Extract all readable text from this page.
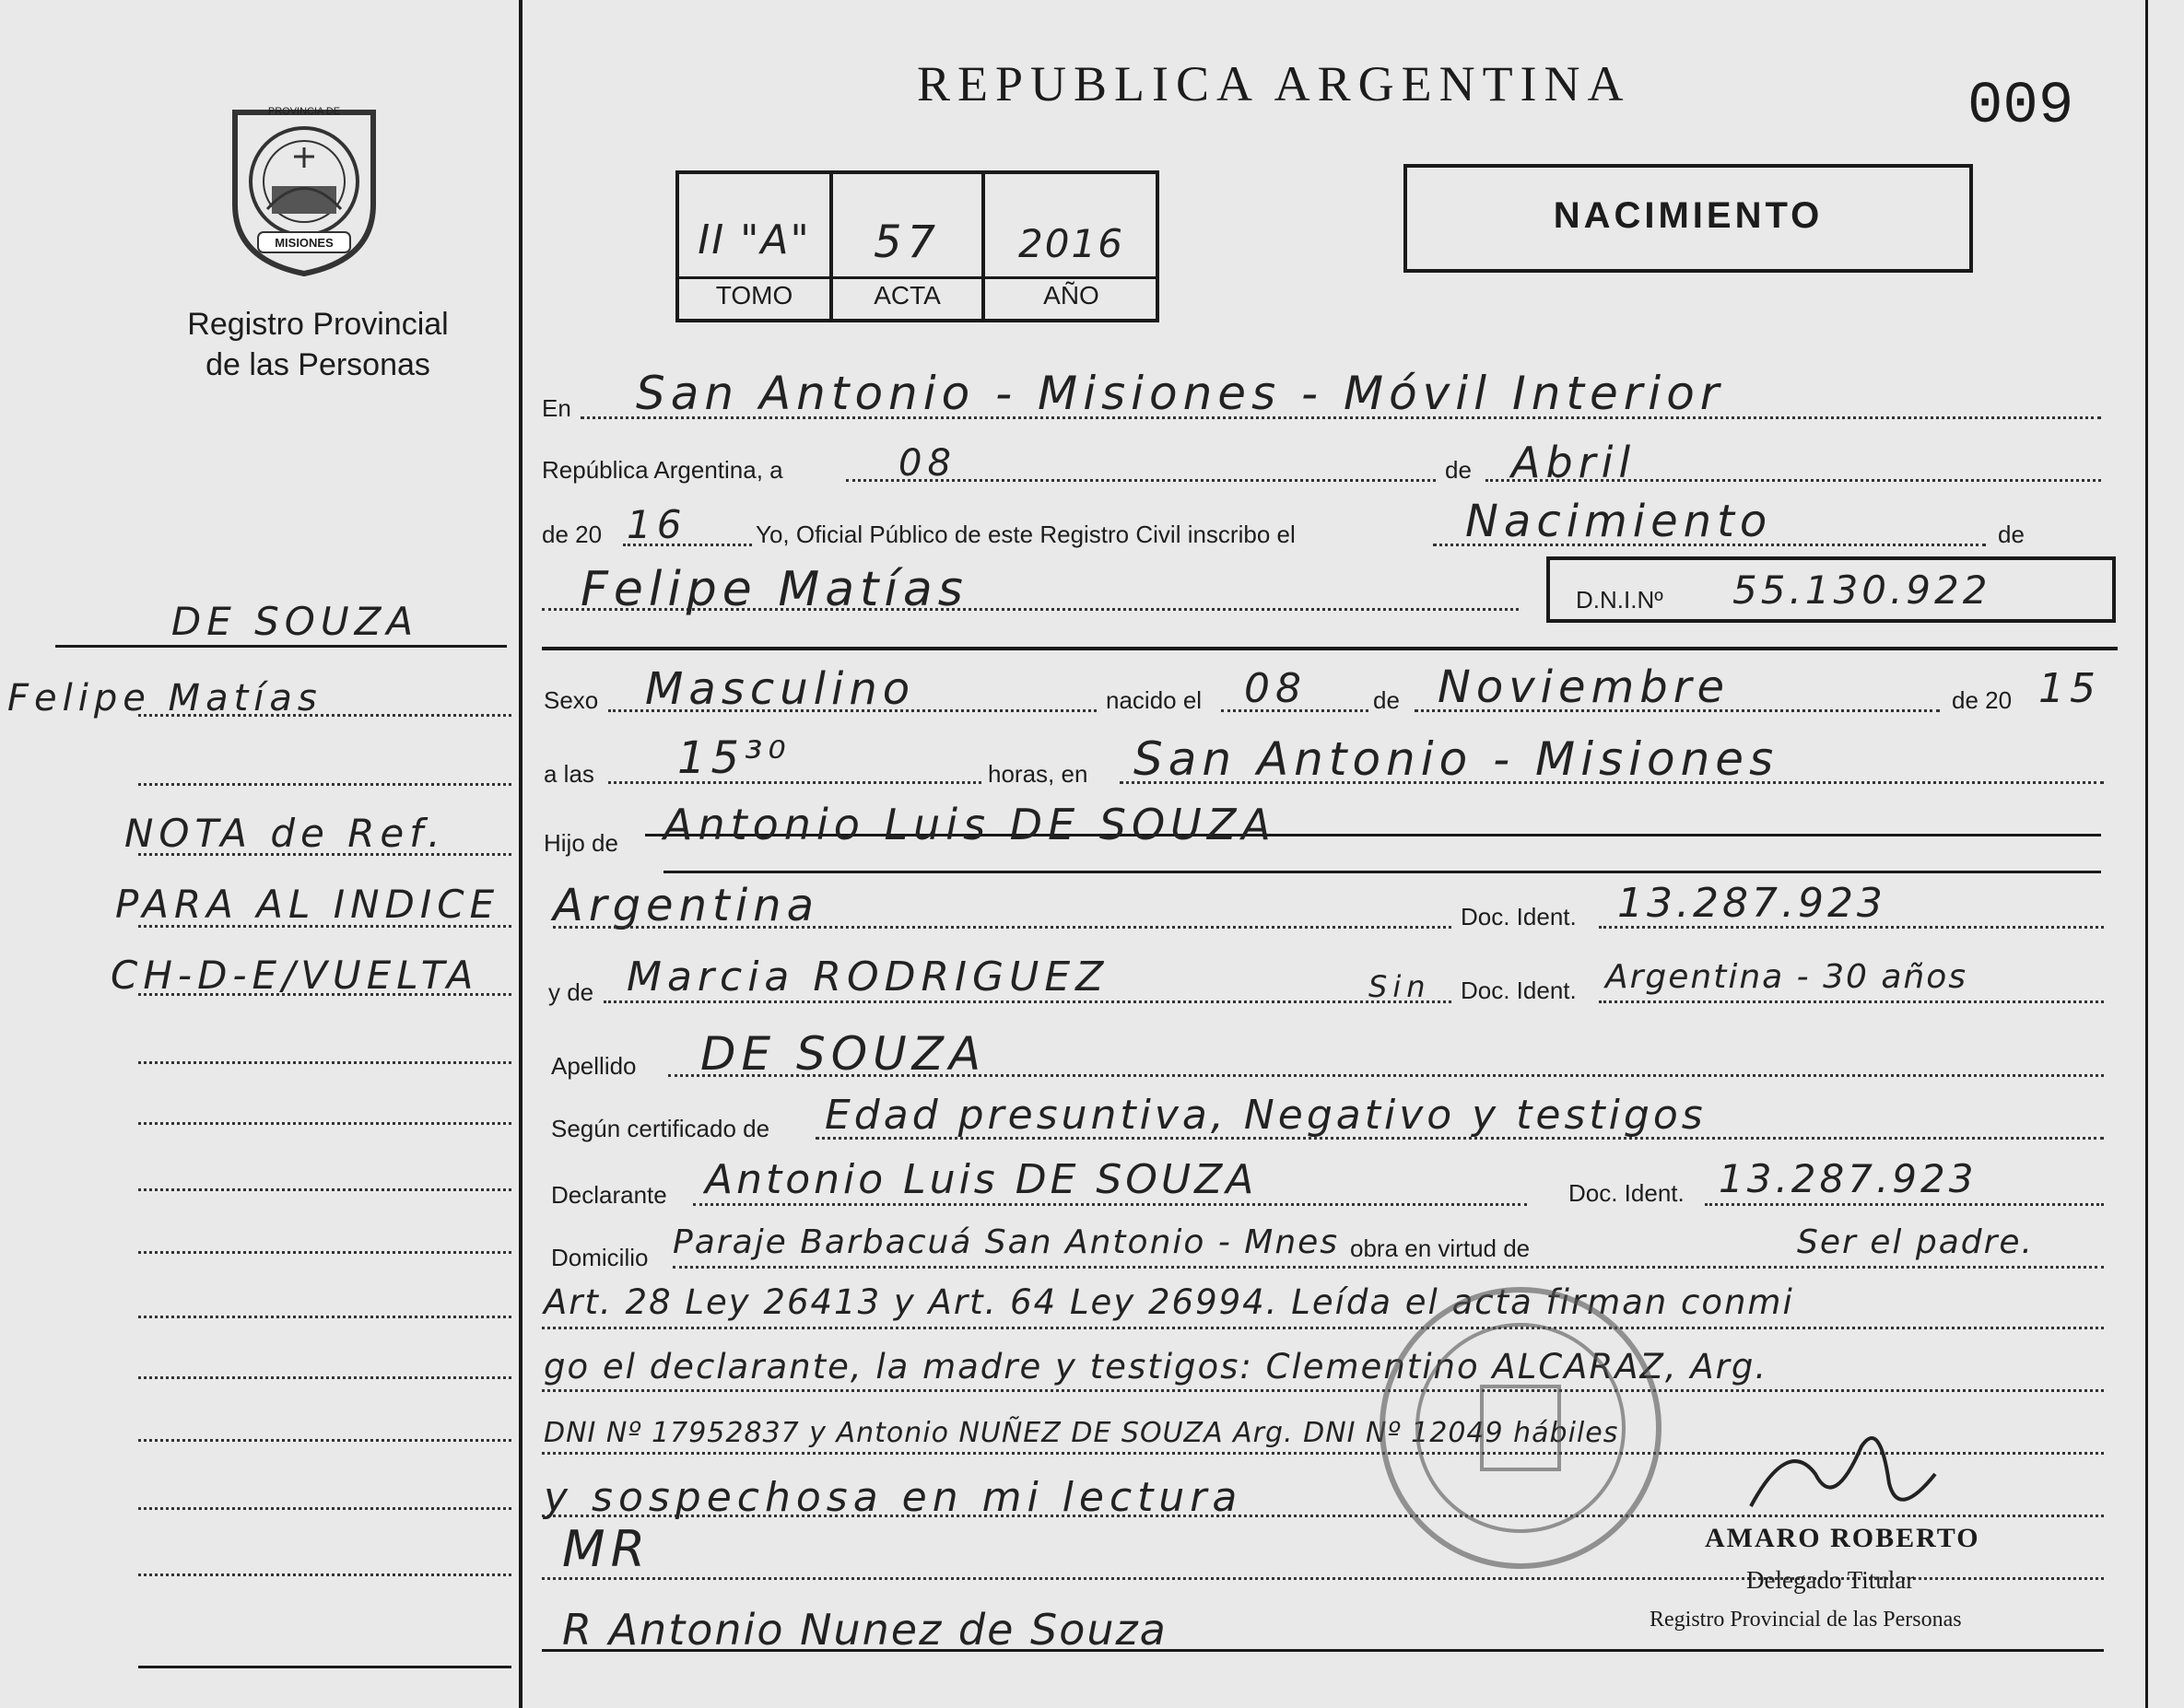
PROVINCIA DE
MISIONES
Registro Provincial
de las Personas
DE SOUZA
Felipe Matías
NOTA de Ref.
PARA AL INDICE
CH-D-E/VUELTA
REPUBLICA ARGENTINA	009
II "A"	57	2016
TOMO	ACTA	AÑO
NACIMIENTO
En San Antonio - Misiones - Móvil Interior
República Argentina, a	08	de Abril
de 20 16	Yo, Oficial Público de este Registro Civil inscribo el	Nacimiento	de
Felipe Matías	D.N.I.Nº 55.130.922
Sexo Masculino	nacido el 08	de Noviembre	de 20 15
a las 15³⁰	horas, en San Antonio - Misiones
Hijo de Antonio Luis DE SOUZA
Argentina	Doc. Ident. 13.287.923
y de Marcia RODRIGUEZ	Sin Doc. Ident. Argentina - 30 años
Apellido DE SOUZA
Según certificado de Edad presuntiva, Negativo y testigos
Declarante Antonio Luis DE SOUZA	Doc. Ident. 13.287.923
Domicilio Paraje Barbacuá San Antonio - Mnes obra en virtud de	Ser el padre.
Art. 28 Ley 26413 y Art. 64 Ley 26994. Leída el acta firman conmi
go el declarante, la madre y testigos: Clementino ALCARAZ, Arg.
DNI Nº 17952837 y Antonio NUÑEZ DE SOUZA Arg. DNI Nº 12049 hábiles
y sospechosa en mi lectura
MR
R Antonio Nunez de Souza
AMARO ROBERTO
Delegado Titular
Registro Provincial de las Personas
